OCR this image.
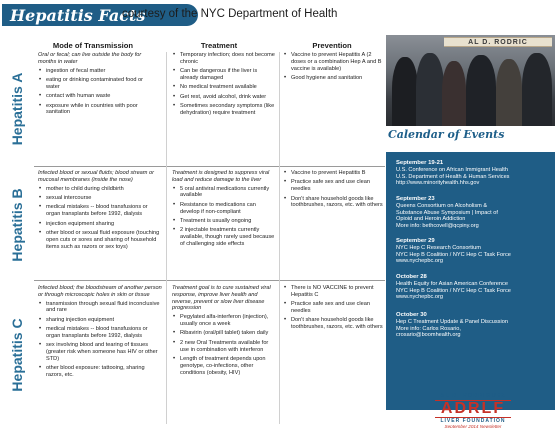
Hepatitis Facts
courtesy of the NYC Department of Health
Mode of Transmission	Treatment	Prevention
Hepatitis A
Oral or fecal; can live outside the body for months in water
• ingestion of fecal matter
• eating or drinking contaminated food or water
• contact with human waste
• exposure while in countries with poor sanitation
• Temporary infection; does not become chronic
• Can be dangerous if the liver is already damaged
• No medical treatment available
• Get rest, avoid alcohol, drink water
• Sometimes secondary symptoms (like dehydration) require treatment
• Vaccine to prevent Hepatitis A (2 doses or a combination Hep A and B vaccine is available)
• Good hygiene and sanitation
Hepatitis B
Infected blood or sexual fluids; blood stream or mucosal membranes (inside the nose)
• mother to child during childbirth
• sexual intercourse
• medical mistakes -- blood transfusions or organ transplants before 1992, dialysis
• injection equipment sharing
• other blood or sexual fluid exposure (touching open cuts or sores and sharing of household items such as razors or sex toys)
Treatment is designed to suppress viral load and reduce damage to the liver
• 5 oral antiviral medications currently available
• Resistance to medications can develop if non-compliant
• Treatment is usually ongoing
• 2 injectable treatments currently available, though rarely used because of challenging side effects
• Vaccine to prevent Hepatitis B
• Practice safe sex and use clean needles
• Don't share household goods like toothbrushes, razors, etc. with others
Hepatitis C
Infected blood; the bloodstream of another person or through microscopic holes in skin or tissue
• transmission through sexual fluid inconclusive and rare
• sharing injection equipment
• medical mistakes -- blood transfusions or organ transplants before 1992, dialysis
• sex involving blood and tearing of tissues (greater risk when someone has HIV or other STD)
• other blood exposure: tattooing, sharing razors, etc.
Treatment goal is to cure sustained viral response, improve liver health and reverse, prevent or slow liver disease progression
• Pegylated alfa-interferon (injection), usually once a week
• Ribavirin (oral/pill tablet) taken daily
• 2 new Oral Treatments available for use in combination with interferon
• Length of treatment depends upon genotype, co-infections, other conditions (obesity, HIV)
• There is NO VACCINE to prevent Hepatitis C
• Practice safe sex and use clean needles
• Don't share household goods like toothbrushes, razors, etc. with others
AL D. RODRIC
Calendar of Events
September 19-21
U.S. Conference on African Immigrant Health
U.S. Department of Health & Human Services
http://www.minorityhealth.hhs.gov
September 23
Queens Consortium on Alcoholism &
Substance Abuse Symposium | Impact of
Opioid and Heroin Addiction
More info: bethcovell@qcpiny.org
September 29
NYC Hep C Research Consortium
NYC Hep B Coalition / NYC Hep C Task Force
www.nychepbc.org
October 28
Health Equity for Asian American Conference
NYC Hep B Coalition / NYC Hep C Task Force
www.nychepbc.org
October 30
Hep C Treatment Update & Panel Discussion
More info: Carlos Rosario,
crosario@boomhealth.org
AL D. RODRIGUEZ
ADRLF
LIVER FOUNDATION
September 2014 Newsletter
